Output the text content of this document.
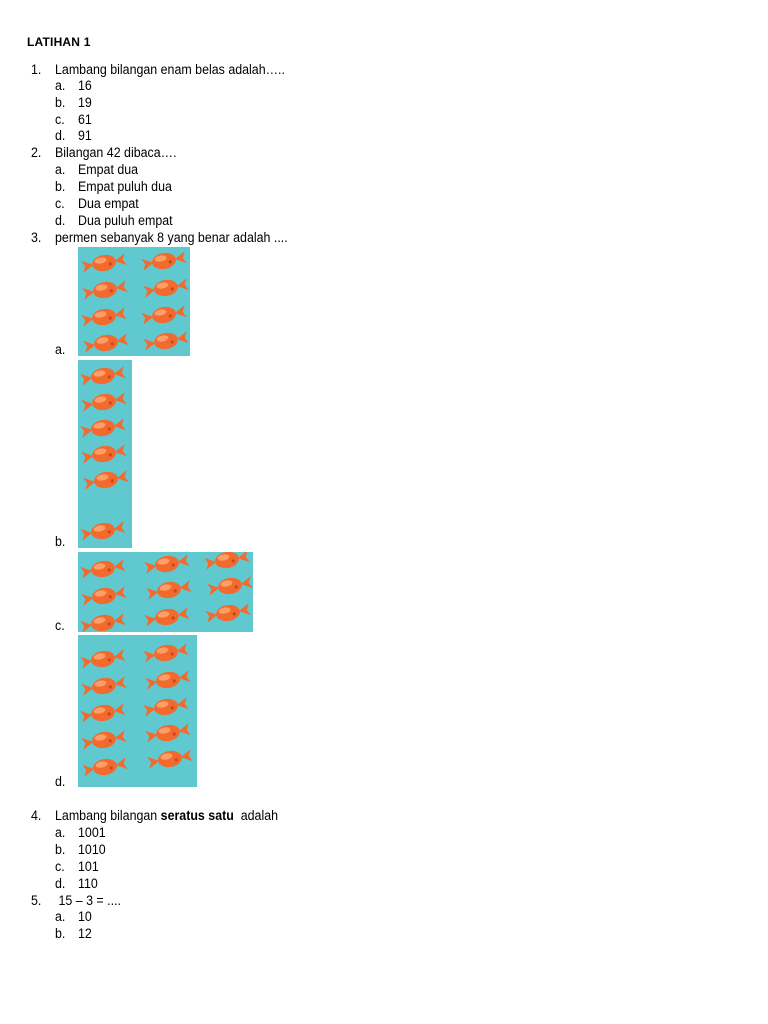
LATIHAN 1
1. Lambang bilangan enam belas adalah…..
a. 16
b. 19
c. 61
d. 91
2. Bilangan 42 dibaca….
a. Empat dua
b. Empat puluh dua
c. Dua empat
d. Dua puluh empat
3. permen sebanyak 8 yang benar adalah ....
a.
b.
c.
d.
4. Lambang bilangan seratus satu  adalah
a. 1001
b. 1010
c. 101
d. 110
5. 15 – 3 = ....
a. 10
b. 12
